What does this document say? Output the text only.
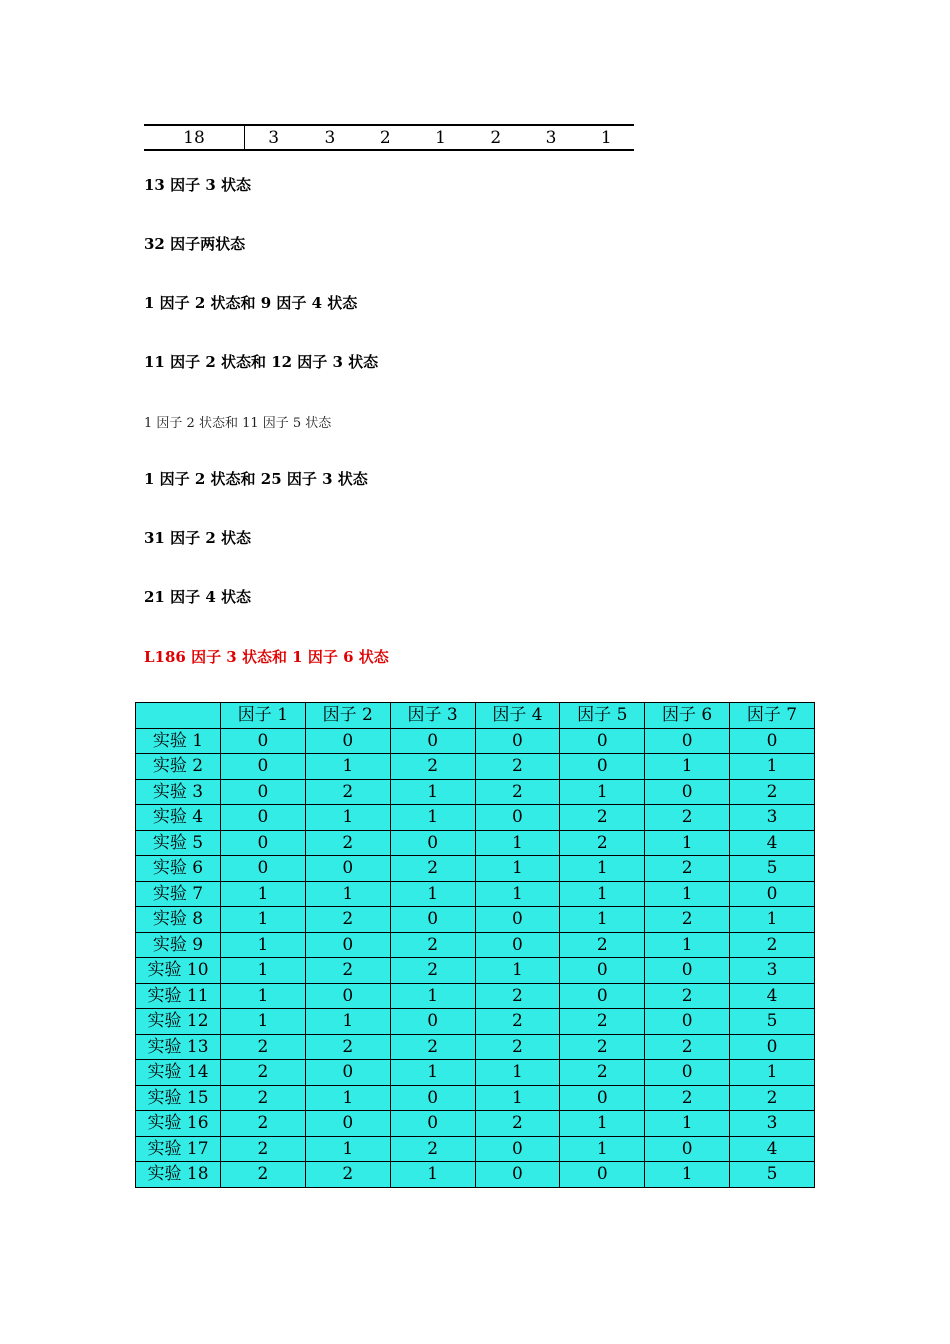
18	3	3	2	1	2	3	1

13 因子 3 状态

32 因子两状态

1 因子 2 状态和 9 因子 4 状态

11 因子 2 状态和 12 因子 3 状态

1 因子 2 状态和 11 因子 5 状态

1 因子 2 状态和 25 因子 3 状态

31 因子 2 状态

21 因子 4 状态

L186 因子 3 状态和 1 因子 6 状态

	因子 1	因子 2	因子 3	因子 4	因子 5	因子 6	因子 7
实验 1	0	0	0	0	0	0	0
实验 2	0	1	2	2	0	1	1
实验 3	0	2	1	2	1	0	2
实验 4	0	1	1	0	2	2	3
实验 5	0	2	0	1	2	1	4
实验 6	0	0	2	1	1	2	5
实验 7	1	1	1	1	1	1	0
实验 8	1	2	0	0	1	2	1
实验 9	1	0	2	0	2	1	2
实验 10	1	2	2	1	0	0	3
实验 11	1	0	1	2	0	2	4
实验 12	1	1	0	2	2	0	5
实验 13	2	2	2	2	2	2	0
实验 14	2	0	1	1	2	0	1
实验 15	2	1	0	1	0	2	2
实验 16	2	0	0	2	1	1	3
实验 17	2	1	2	0	1	0	4
实验 18	2	2	1	0	0	1	5
